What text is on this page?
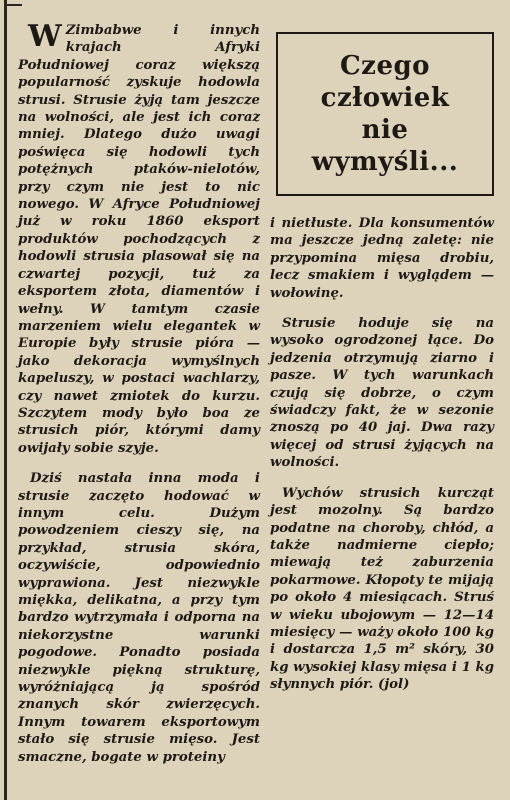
W Zimbabwe i innych krajach Afryki Południowej coraz większą popularność zyskuje hodowla strusi. Strusie żyją tam jeszcze na wolności, ale jest ich coraz mniej. Dlatego dużo uwagi poświęca się hodowli tych potężnych ptaków-nielotów, przy czym nie jest to nic nowego. W Afryce Południowej już w roku 1860 eksport produktów pochodzących z hodowli strusia plasował się na czwartej pozycji, tuż za eksportem złota, diamentów i wełny. W tamtym czasie marzeniem wielu elegantek w Europie były strusie pióra — jako dekoracja wymyślnych kapeluszy, w postaci wachlarzy, czy nawet zmiotek do kurzu. Szczytem mody było boa ze strusich piór, którymi damy owijały sobie szyje.

Dziś nastała inna moda i strusie zaczęto hodować w innym celu. Dużym powodzeniem cieszy się, na przykład, strusia skóra, oczywiście, odpowiednio wyprawiona. Jest niezwykle miękka, delikatna, a przy tym bardzo wytrzymała i odporna na niekorzystne warunki pogodowe. Ponadto posiada niezwykle piękną strukturę, wyróżniającą ją spośród znanych skór zwierzęcych. Innym towarem eksportowym stało się strusie mięso. Jest smaczne, bogate w proteiny

Czego
człowiek
nie
wymyśli...

i nietłuste. Dla konsumentów ma jeszcze jedną zaletę: nie przypomina mięsa drobiu, lecz smakiem i wyglądem — wołowinę.

Strusie hoduje się na wysoko ogrodzonej łące. Do jedzenia otrzymują ziarno i pasze. W tych warunkach czują się dobrze, o czym świadczy fakt, że w sezonie znoszą po 40 jaj. Dwa razy więcej od strusi żyjących na wolności.

Wychów strusich kurcząt jest mozolny. Są bardzo podatne na choroby, chłód, a także nadmierne ciepło; miewają też zaburzenia pokarmowe. Kłopoty te mijają po około 4 miesiącach. Struś w wieku ubojowym — 12—14 miesięcy — waży około 100 kg i dostarcza 1,5 m² skóry, 30 kg wysokiej klasy mięsa i 1 kg słynnych piór. (jol)
